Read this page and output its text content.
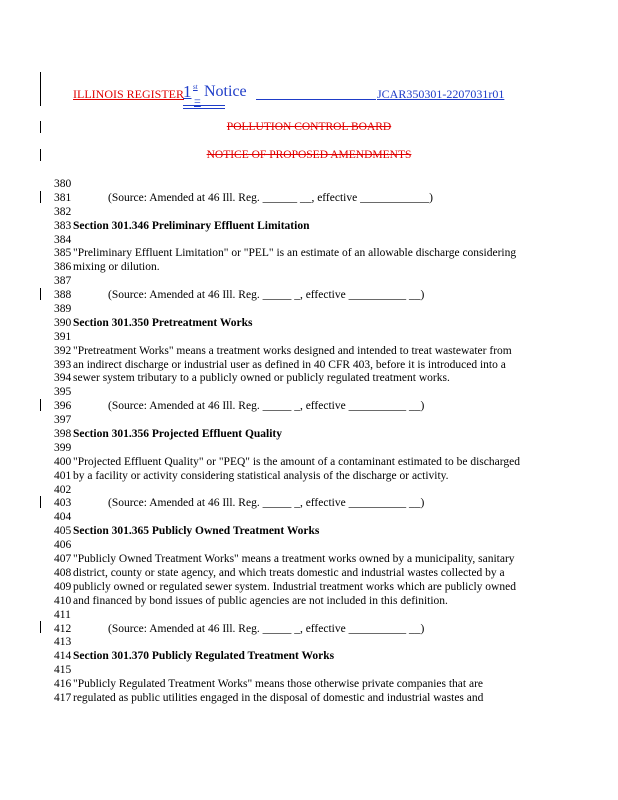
ILLINOIS REGISTER 1 st
=
Notice	JCAR350301-2207031r01
POLLUTION CONTROL BOARD
NOTICE OF PROPOSED AMENDMENTS
380
381	(Source: Amended at 46 Ill. Reg. ______ __, effective ____________)
382
383 Section 301.346 Preliminary Effluent Limitation
384
385 "Preliminary Effluent Limitation" or "PEL" is an estimate of an allowable discharge considering
386 mixing or dilution.
387
388	(Source: Amended at 46 Ill. Reg. _____ _, effective __________ __)
389
390 Section 301.350 Pretreatment Works
391
392 "Pretreatment Works" means a treatment works designed and intended to treat wastewater from
393 an indirect discharge or industrial user as defined in 40 CFR 403, before it is introduced into a
394 sewer system tributary to a publicly owned or publicly regulated treatment works.
395
396	(Source: Amended at 46 Ill. Reg. _____ _, effective __________ __)
397
398 Section 301.356 Projected Effluent Quality
399
400 "Projected Effluent Quality" or "PEQ" is the amount of a contaminant estimated to be discharged
401 by a facility or activity considering statistical analysis of the discharge or activity.
402
403	(Source: Amended at 46 Ill. Reg. _____ _, effective __________ __)
404
405 Section 301.365 Publicly Owned Treatment Works
406
407 "Publicly Owned Treatment Works" means a treatment works owned by a municipality, sanitary
408 district, county or state agency, and which treats domestic and industrial wastes collected by a
409 publicly owned or regulated sewer system. Industrial treatment works which are publicly owned
410 and financed by bond issues of public agencies are not included in this definition.
411
412	(Source: Amended at 46 Ill. Reg. _____ _, effective __________ __)
413
414 Section 301.370 Publicly Regulated Treatment Works
415
416 "Publicly Regulated Treatment Works" means those otherwise private companies that are
417 regulated as public utilities engaged in the disposal of domestic and industrial wastes and
